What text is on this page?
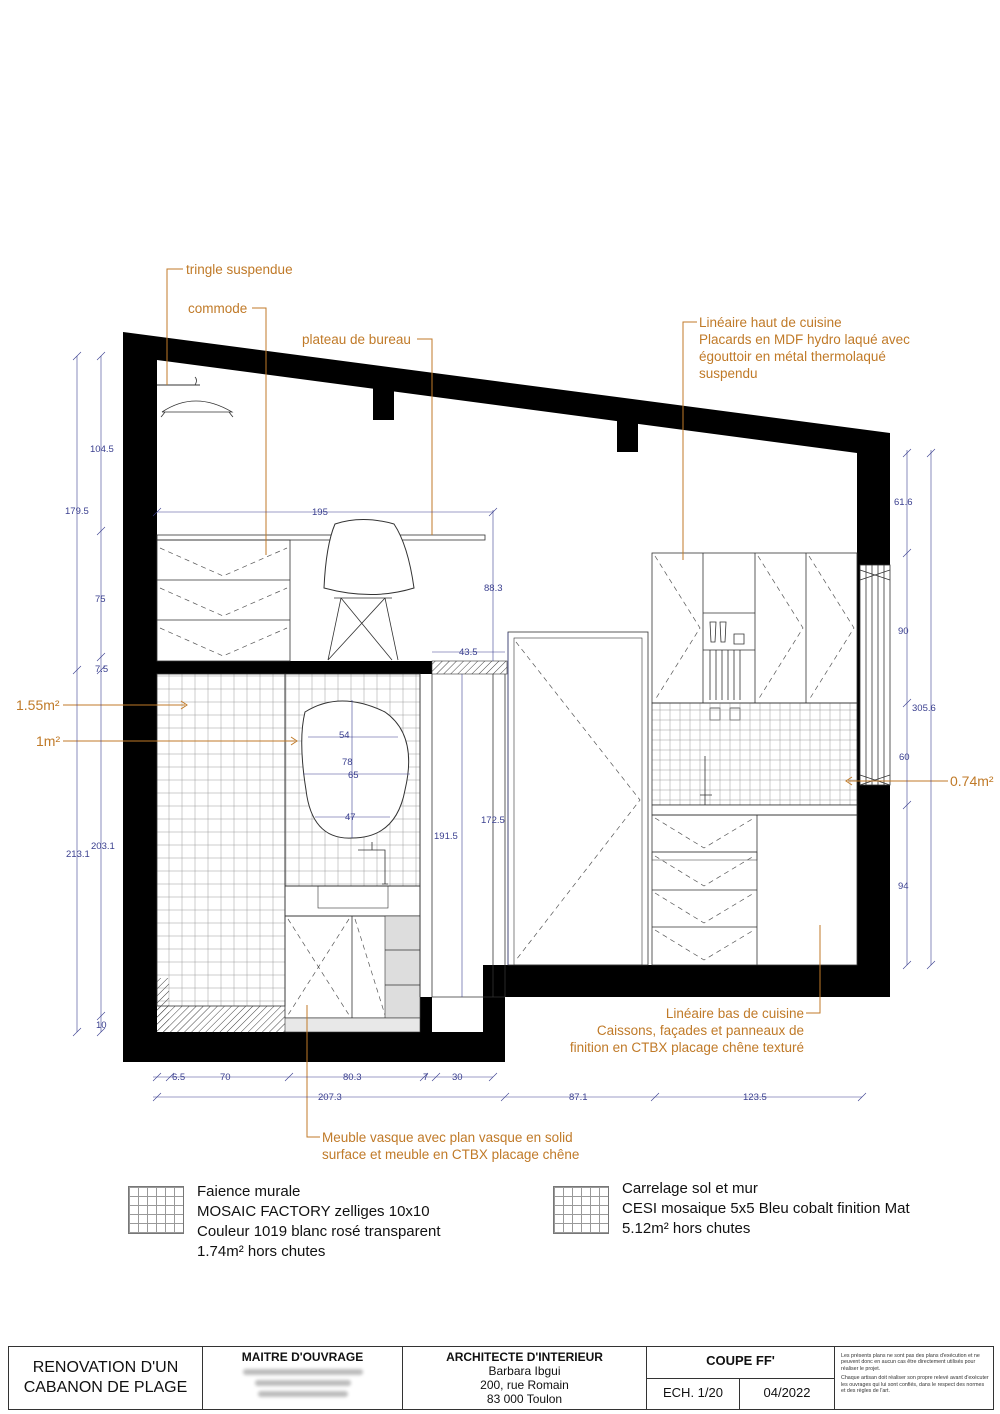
tringle suspendue
commode
plateau de bureau
Linéaire haut de cuisine
Placards en MDF hydro laqué avec
égouttoir en métal thermolaqué
suspendu
Linéaire bas de cuisine
Caissons, façades et panneaux de
finition en CTBX placage chêne texturé
Meuble vasque avec plan vasque en solid
surface et meuble en CTBX placage chêne
1.55m²
1m²
0.74m²
104.5
179.5
75
7.5
213.1
203.1
10
195
88.3
43.5
54
78
65
47
191.5
172.5
61.6
90
305.6
60
94
6.5	70	80.3	7 30
207.3	87.1	123.5
Faience murale
MOSAIC FACTORY zelliges 10x10
Couleur 1019 blanc rosé transparent
1.74m² hors chutes
Carrelage sol et mur
CESI mosaique 5x5 Bleu cobalt finition Mat
5.12m² hors chutes
RENOVATION D'UN
CABANON DE PLAGE
MAITRE D'OUVRAGE	ARCHITECTE D'INTERIEUR
Barbara Ibgui
200, rue Romain
83 000 Toulon
COUPE FF'
ECH. 1/20	04/2022
Les présents plans ne sont pas des plans d'exécution et ne peuvent donc en aucun cas être directement utilisés pour réaliser le projet.
Chaque artisan doit réaliser son propre relevé avant d'exécuter les ouvrages qui lui sont confiés, dans le respect des normes et des règles de l'art.
